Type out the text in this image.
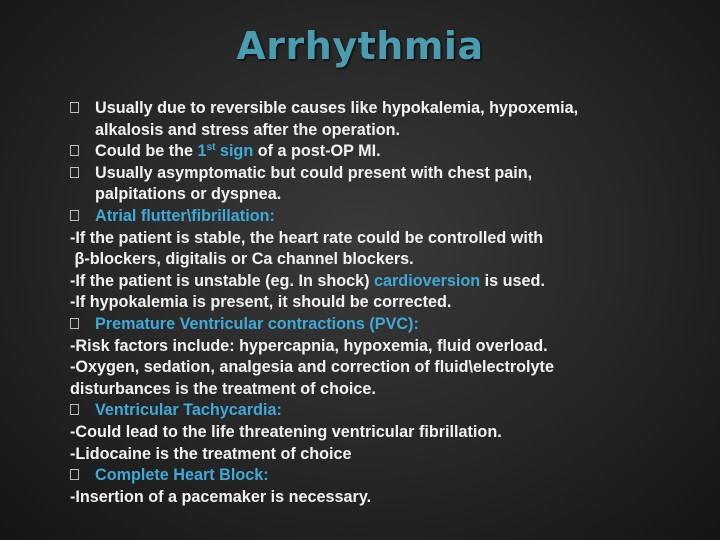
Arrhythmia
Usually due to reversible causes like hypokalemia, hypoxemia,
alkalosis and stress after the operation.
Could be the 1st sign of a post-OP MI.
Usually asymptomatic but could present with chest pain,
palpitations or dyspnea.
Atrial flutter\fibrillation:
-If the patient is stable, the heart rate could be controlled with
β-blockers, digitalis or Ca channel blockers.
-If the patient is unstable (eg. In shock) cardioversion is used.
-If hypokalemia is present, it should be corrected.
Premature Ventricular contractions (PVC):
-Risk factors include: hypercapnia, hypoxemia, fluid overload.
-Oxygen, sedation, analgesia and correction of fluid\electrolyte
disturbances is the treatment of choice.
Ventricular Tachycardia:
-Could lead to the life threatening ventricular fibrillation.
-Lidocaine is the treatment of choice
Complete Heart Block:
-Insertion of a pacemaker is necessary.
